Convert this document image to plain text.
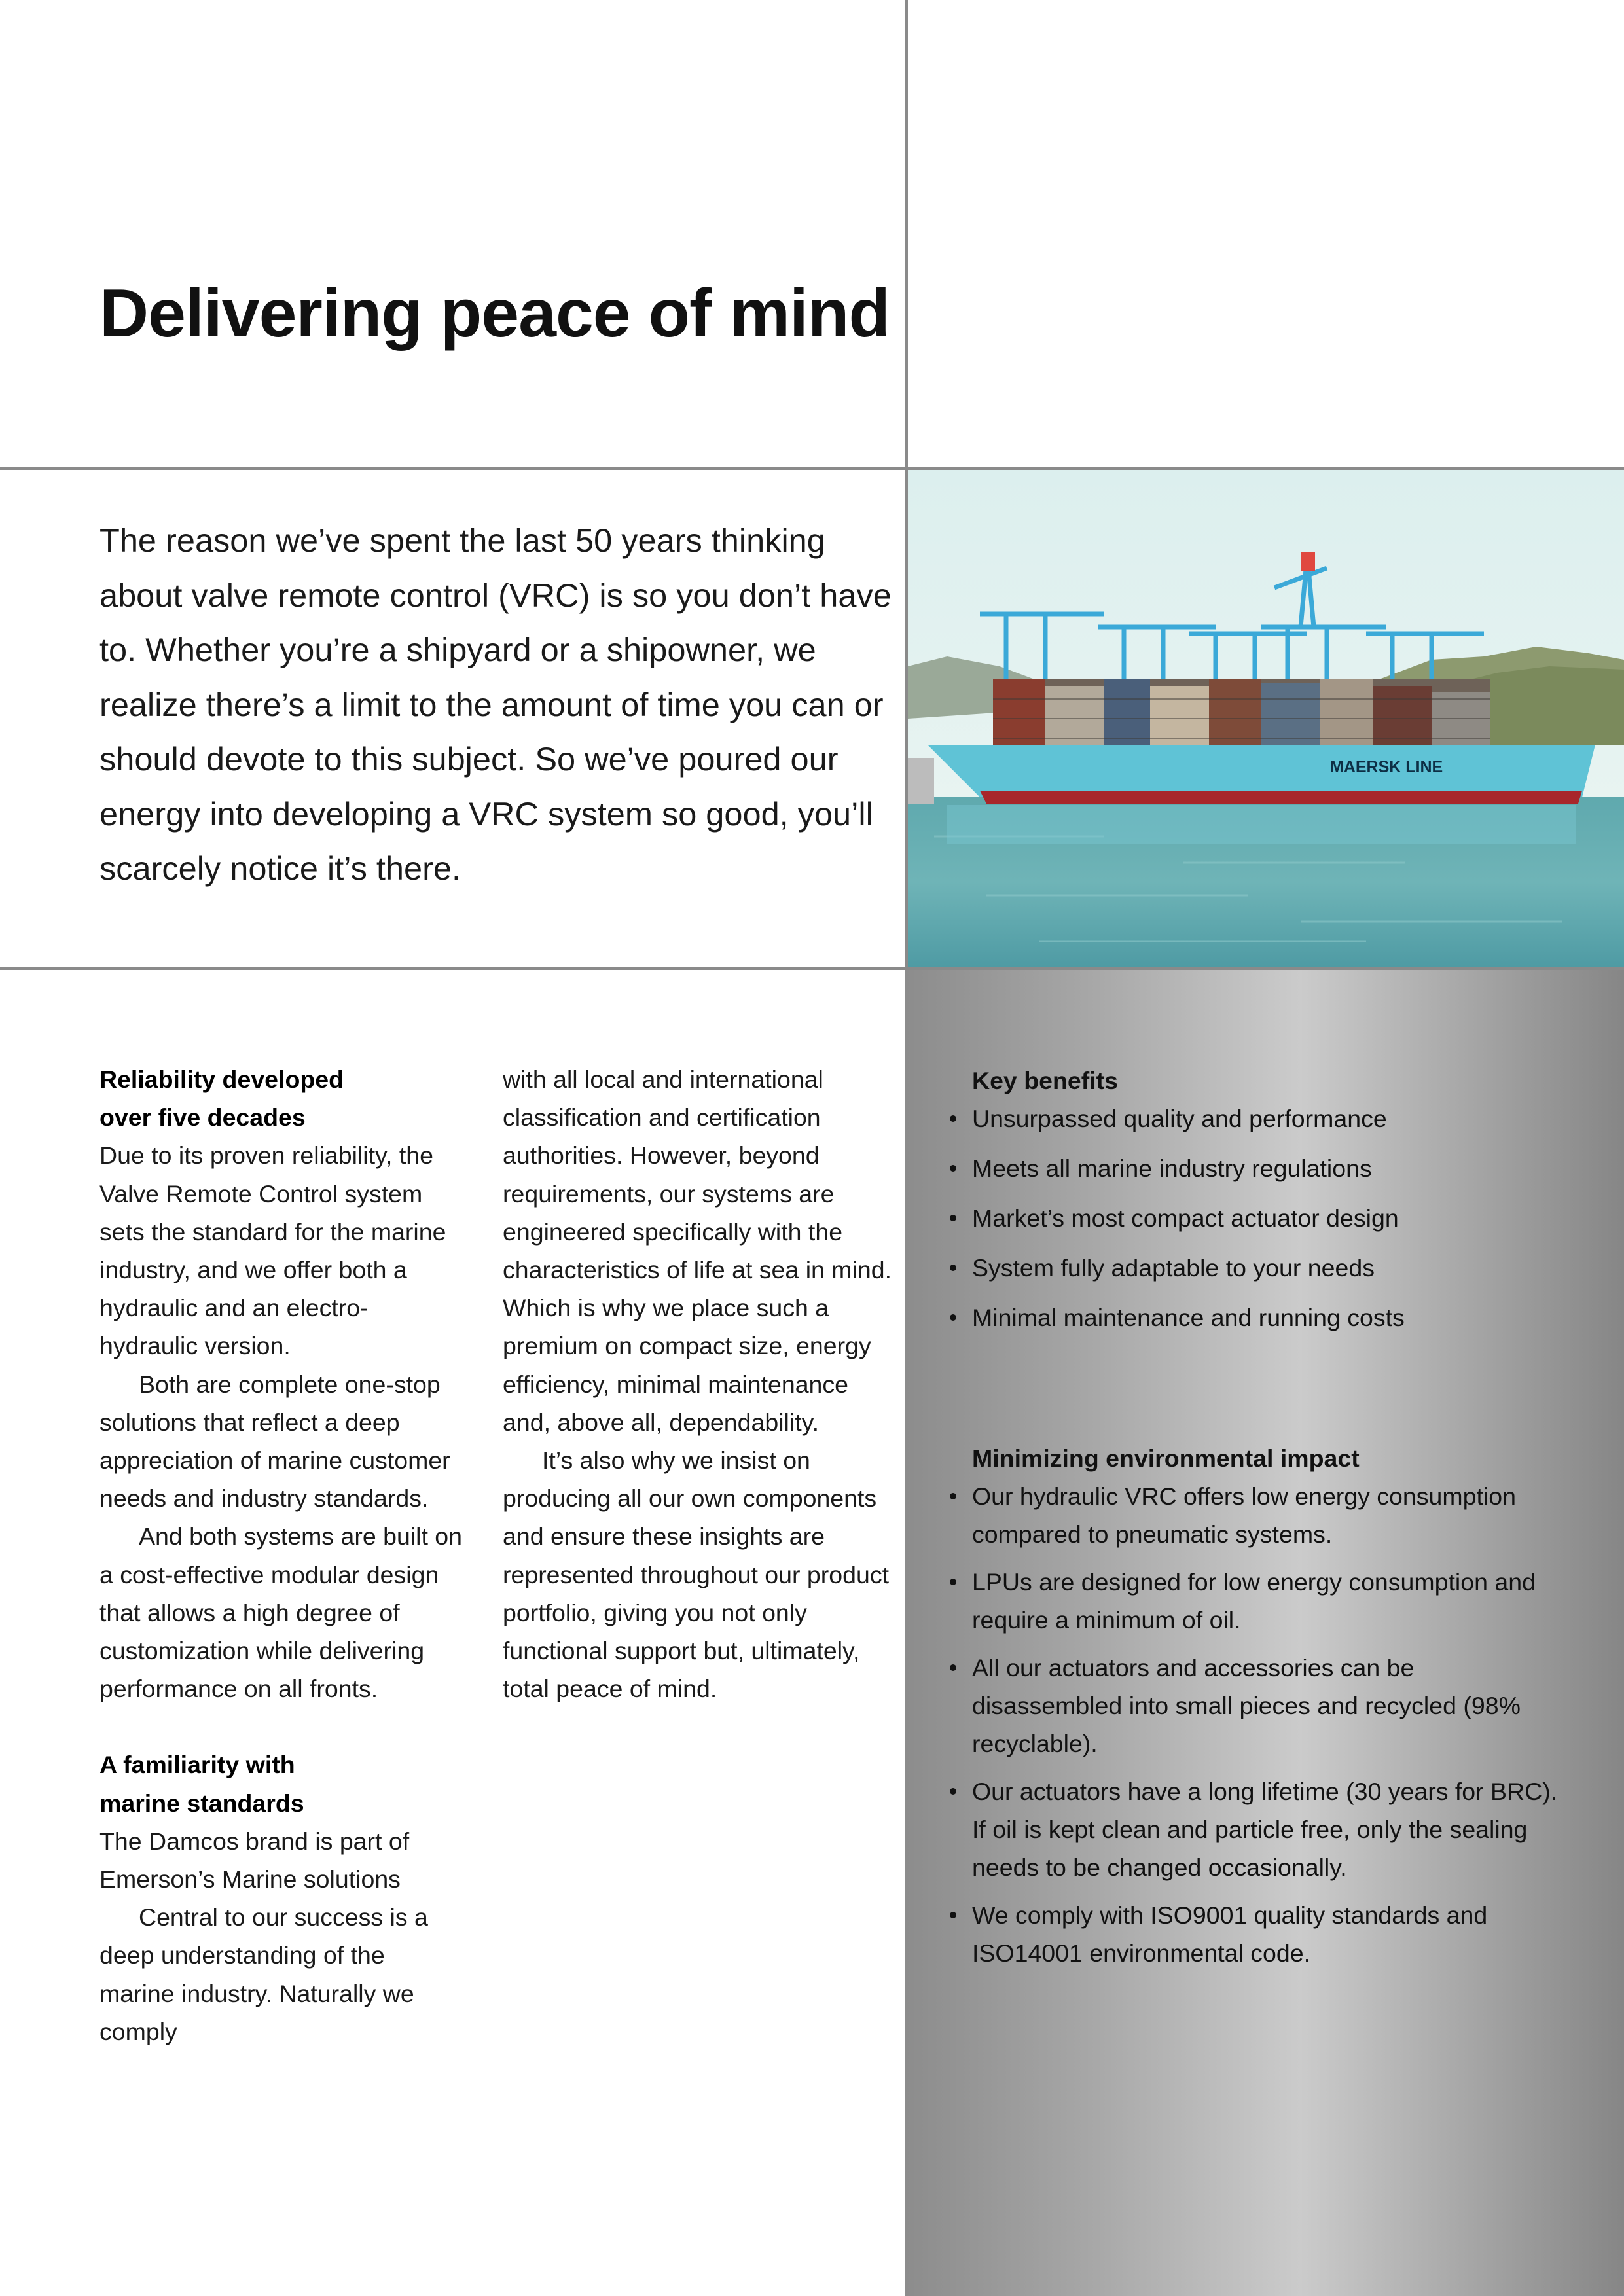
Delivering peace of mind

The reason we’ve spent the last 50 years thinking about valve remote control (VRC) is so you don’t have to. Whether you’re a shipyard or a shipowner, we realize there’s a limit to the amount of time you can or should devote to this subject. So we’ve poured our energy into developing a VRC system so good, you’ll scarcely notice it’s there.

MAERSK LINE

Reliability developed
over five decades

Due to its proven reliability, the Valve Remote Control system sets the standard for the marine industry, and we offer both a hydraulic and an electro-hydraulic version.

Both are complete one-stop solutions that reflect a deep appreciation of marine customer needs and industry standards.

And both systems are built on a cost-effective modular design that allows a high degree of customization while delivering performance on all fronts.

A familiarity with
marine standards

The Damcos brand is part of Emerson’s Marine solutions

Central to our success is a deep understanding of the marine industry. Naturally we comply

with all local and international classification and certification authorities. However, beyond requirements, our systems are engineered specifically with the characteristics of life at sea in mind. Which is why we place such a premium on compact size, energy efficiency, minimal maintenance and, above all, dependability.

It’s also why we insist on producing all our own components and ensure these insights are represented throughout our product portfolio, giving you not only functional support but, ultimately, total peace of mind.

Key benefits
Unsurpassed quality and performance
Meets all marine industry regulations
Market’s most compact actuator design
System fully adaptable to your needs
Minimal maintenance and running costs
Minimizing environmental impact
Our hydraulic VRC offers low energy consumption compared to pneumatic systems.
LPUs are designed for low energy consumption and require a minimum of oil.
All our actuators and accessories can be disassembled into small pieces and recycled (98% recyclable).
Our actuators have a long lifetime (30 years for BRC). If oil is kept clean and particle free, only the sealing needs to be changed occasionally.
We comply with ISO9001 quality standards and ISO14001 environmental code.
